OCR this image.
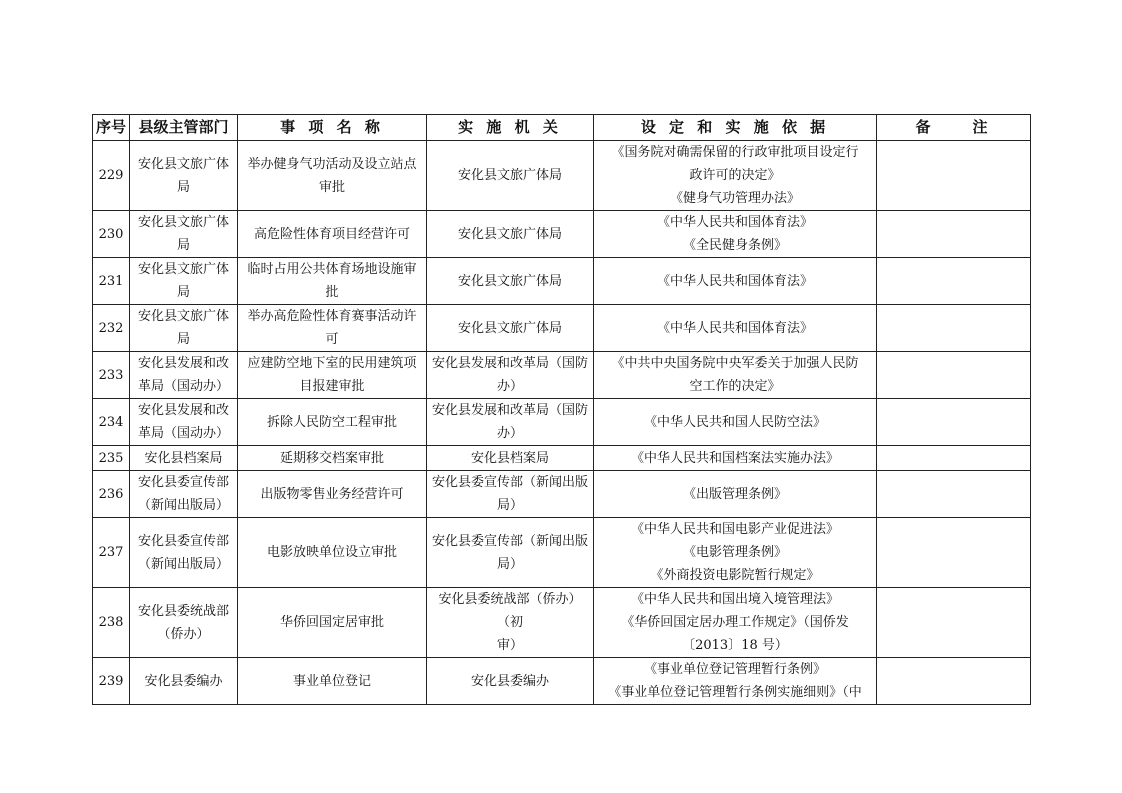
序号	县级主管部门	事 项 名 称	实 施 机 关	设 定 和 实 施 依 据	备　　注

229	安化县文旅广体
局	举办健身气功活动及设立站点
审批	安化县文旅广体局	《国务院对确需保留的行政审批项目设定行
政许可的决定》
《健身气功管理办法》	

230	安化县文旅广体
局	高危险性体育项目经营许可	安化县文旅广体局	《中华人民共和国体育法》
《全民健身条例》	

231	安化县文旅广体
局	临时占用公共体育场地设施审
批	安化县文旅广体局	《中华人民共和国体育法》	

232	安化县文旅广体
局	举办高危险性体育赛事活动许
可	安化县文旅广体局	《中华人民共和国体育法》	

233	安化县发展和改
革局（国动办）	应建防空地下室的民用建筑项
目报建审批	安化县发展和改革局（国防
办）	《中共中央国务院中央军委关于加强人民防
空工作的决定》	

234	安化县发展和改
革局（国动办）	拆除人民防空工程审批	安化县发展和改革局（国防
办）	《中华人民共和国人民防空法》	

235	安化县档案局	延期移交档案审批	安化县档案局	《中华人民共和国档案法实施办法》	

236	安化县委宣传部
（新闻出版局）	出版物零售业务经营许可	安化县委宣传部（新闻出版
局）	《出版管理条例》	

237	安化县委宣传部
（新闻出版局）	电影放映单位设立审批	安化县委宣传部（新闻出版
局）	《中华人民共和国电影产业促进法》
《电影管理条例》
《外商投资电影院暂行规定》	

238	安化县委统战部
（侨办）	华侨回国定居审批	安化县委统战部（侨办）（初
审）	《中华人民共和国出境入境管理法》
《华侨回国定居办理工作规定》（国侨发
〔2013〕18 号）	

239	安化县委编办	事业单位登记	安化县委编办	《事业单位登记管理暂行条例》
《事业单位登记管理暂行条例实施细则》（中	
